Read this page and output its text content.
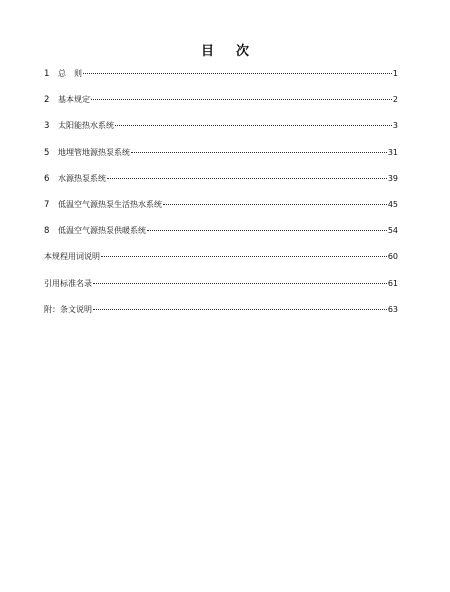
目 次
1	总　则	1
2	基本规定	2
3	太阳能热水系统	3
5	地埋管地源热泵系统	31
6	水源热泵系统	39
7	低温空气源热泵生活热水系统	45
8	低温空气源热泵供暖系统	54
本规程用词说明	60
引用标准名录	61
附：条文说明	63
